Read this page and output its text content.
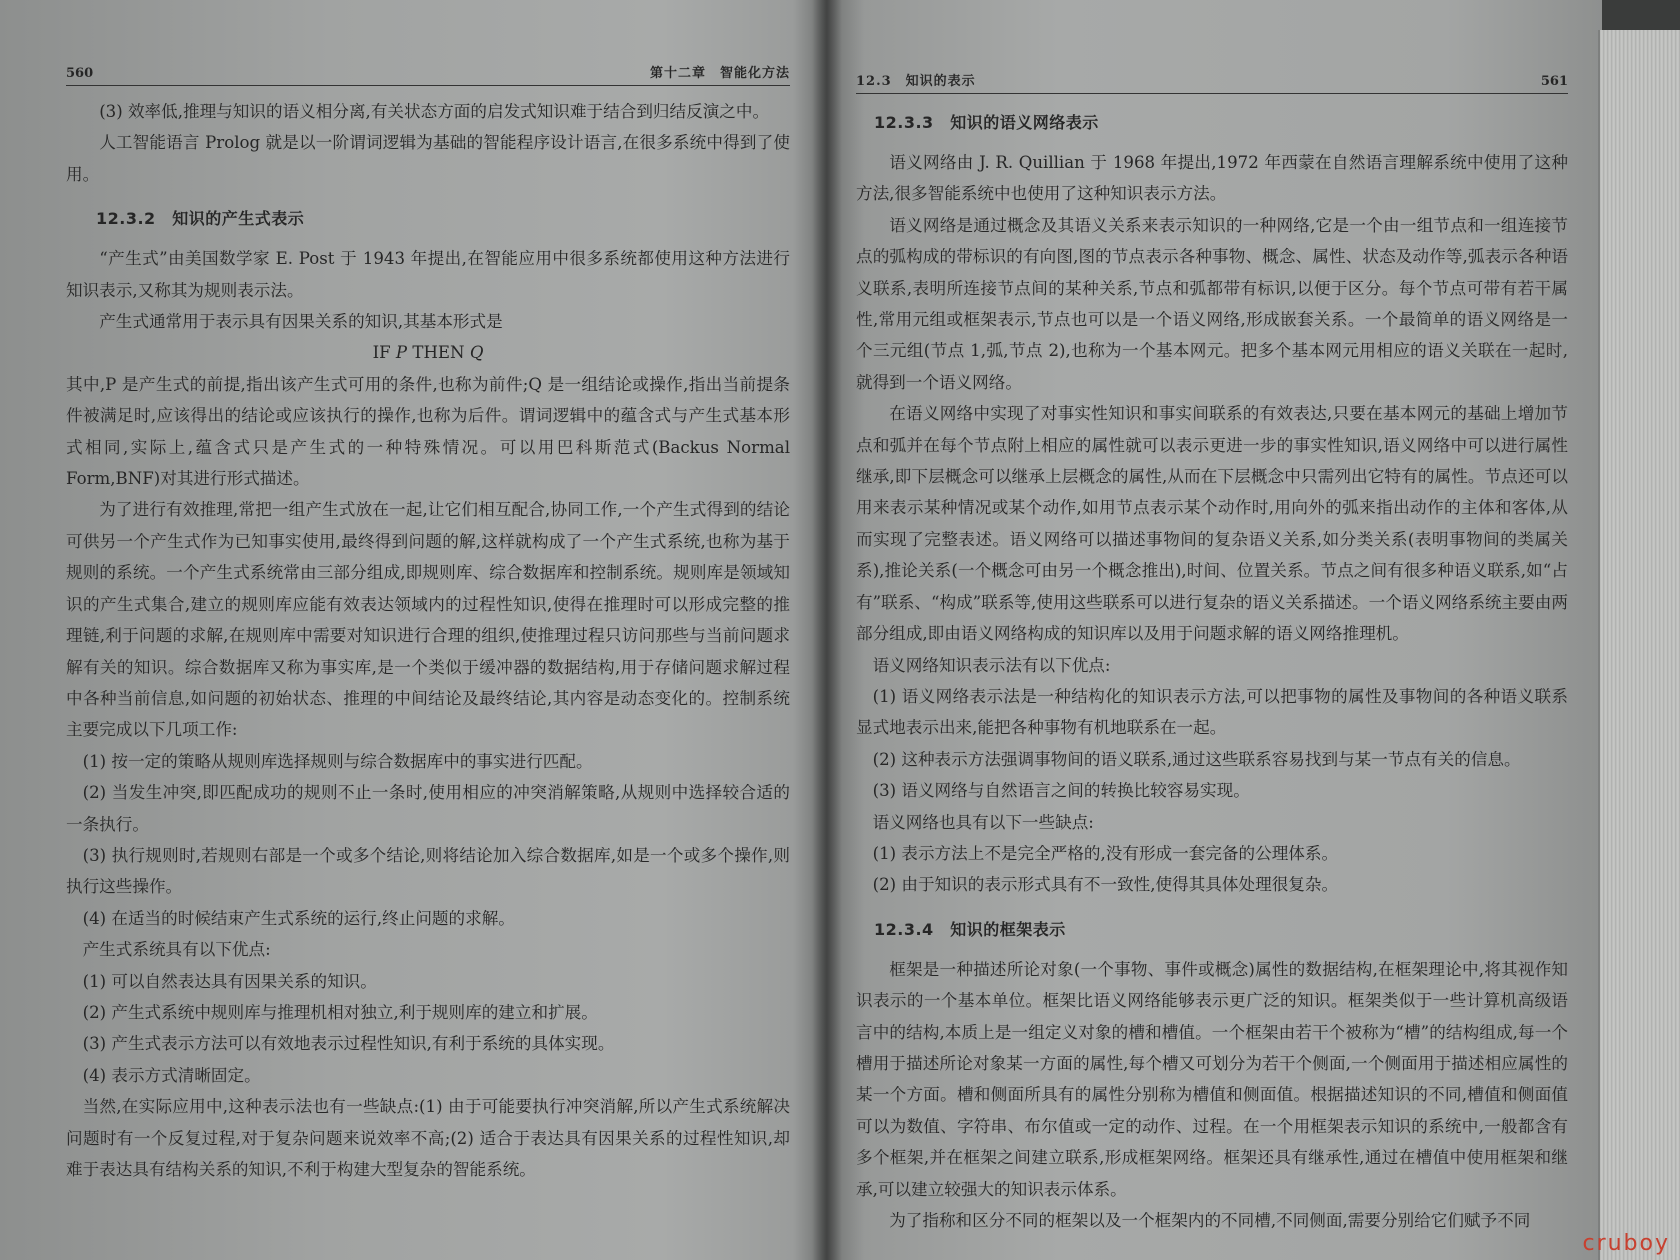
560	第十二章　智能化方法

(3) 效率低,推理与知识的语义相分离,有关状态方面的启发式知识难于结合到归结反演之中。

人工智能语言 Prolog 就是以一阶谓词逻辑为基础的智能程序设计语言,在很多系统中得到了使用。

12.3.2　知识的产生式表示

“产生式”由美国数学家 E. Post 于 1943 年提出,在智能应用中很多系统都使用这种方法进行知识表示,又称其为规则表示法。

产生式通常用于表示具有因果关系的知识,其基本形式是

IF P THEN Q

其中,P 是产生式的前提,指出该产生式可用的条件,也称为前件;Q 是一组结论或操作,指出当前提条件被满足时,应该得出的结论或应该执行的操作,也称为后件。谓词逻辑中的蕴含式与产生式基本形式相同,实际上,蕴含式只是产生式的一种特殊情况。可以用巴科斯范式(Backus Normal Form,BNF)对其进行形式描述。

为了进行有效推理,常把一组产生式放在一起,让它们相互配合,协同工作,一个产生式得到的结论可供另一个产生式作为已知事实使用,最终得到问题的解,这样就构成了一个产生式系统,也称为基于规则的系统。一个产生式系统常由三部分组成,即规则库、综合数据库和控制系统。规则库是领域知识的产生式集合,建立的规则库应能有效表达领域内的过程性知识,使得在推理时可以形成完整的推理链,利于问题的求解,在规则库中需要对知识进行合理的组织,使推理过程只访问那些与当前问题求解有关的知识。综合数据库又称为事实库,是一个类似于缓冲器的数据结构,用于存储问题求解过程中各种当前信息,如问题的初始状态、推理的中间结论及最终结论,其内容是动态变化的。控制系统主要完成以下几项工作:

(1) 按一定的策略从规则库选择规则与综合数据库中的事实进行匹配。

(2) 当发生冲突,即匹配成功的规则不止一条时,使用相应的冲突消解策略,从规则中选择较合适的一条执行。

(3) 执行规则时,若规则右部是一个或多个结论,则将结论加入综合数据库,如是一个或多个操作,则执行这些操作。

(4) 在适当的时候结束产生式系统的运行,终止问题的求解。

产生式系统具有以下优点:

(1) 可以自然表达具有因果关系的知识。

(2) 产生式系统中规则库与推理机相对独立,利于规则库的建立和扩展。

(3) 产生式表示方法可以有效地表示过程性知识,有利于系统的具体实现。

(4) 表示方式清晰固定。

当然,在实际应用中,这种表示法也有一些缺点:(1) 由于可能要执行冲突消解,所以产生式系统解决问题时有一个反复过程,对于复杂问题来说效率不高;(2) 适合于表达具有因果关系的过程性知识,却难于表达具有结构关系的知识,不利于构建大型复杂的智能系统。

12.3　知识的表示	561
12.3.3　知识的语义网络表示

语义网络由 J. R. Quillian 于 1968 年提出,1972 年西蒙在自然语言理解系统中使用了这种方法,很多智能系统中也使用了这种知识表示方法。

语义网络是通过概念及其语义关系来表示知识的一种网络,它是一个由一组节点和一组连接节点的弧构成的带标识的有向图,图的节点表示各种事物、概念、属性、状态及动作等,弧表示各种语义联系,表明所连接节点间的某种关系,节点和弧都带有标识,以便于区分。每个节点可带有若干属性,常用元组或框架表示,节点也可以是一个语义网络,形成嵌套关系。一个最简单的语义网络是一个三元组(节点 1,弧,节点 2),也称为一个基本网元。把多个基本网元用相应的语义关联在一起时,就得到一个语义网络。

在语义网络中实现了对事实性知识和事实间联系的有效表达,只要在基本网元的基础上增加节点和弧并在每个节点附上相应的属性就可以表示更进一步的事实性知识,语义网络中可以进行属性继承,即下层概念可以继承上层概念的属性,从而在下层概念中只需列出它特有的属性。节点还可以用来表示某种情况或某个动作,如用节点表示某个动作时,用向外的弧来指出动作的主体和客体,从而实现了完整表述。语义网络可以描述事物间的复杂语义关系,如分类关系(表明事物间的类属关系),推论关系(一个概念可由另一个概念推出),时间、位置关系。节点之间有很多种语义联系,如“占有”联系、“构成”联系等,使用这些联系可以进行复杂的语义关系描述。一个语义网络系统主要由两部分组成,即由语义网络构成的知识库以及用于问题求解的语义网络推理机。

语义网络知识表示法有以下优点:

(1) 语义网络表示法是一种结构化的知识表示方法,可以把事物的属性及事物间的各种语义联系显式地表示出来,能把各种事物有机地联系在一起。

(2) 这种表示方法强调事物间的语义联系,通过这些联系容易找到与某一节点有关的信息。

(3) 语义网络与自然语言之间的转换比较容易实现。

语义网络也具有以下一些缺点:

(1) 表示方法上不是完全严格的,没有形成一套完备的公理体系。

(2) 由于知识的表示形式具有不一致性,使得其具体处理很复杂。

12.3.4　知识的框架表示

框架是一种描述所论对象(一个事物、事件或概念)属性的数据结构,在框架理论中,将其视作知识表示的一个基本单位。框架比语义网络能够表示更广泛的知识。框架类似于一些计算机高级语言中的结构,本质上是一组定义对象的槽和槽值。一个框架由若干个被称为“槽”的结构组成,每一个槽用于描述所论对象某一方面的属性,每个槽又可划分为若干个侧面,一个侧面用于描述相应属性的某一个方面。槽和侧面所具有的属性分别称为槽值和侧面值。根据描述知识的不同,槽值和侧面值可以为数值、字符串、布尔值或一定的动作、过程。在一个用框架表示知识的系统中,一般都含有多个框架,并在框架之间建立联系,形成框架网络。框架还具有继承性,通过在槽值中使用框架和继承,可以建立较强大的知识表示体系。

为了指称和区分不同的框架以及一个框架内的不同槽,不同侧面,需要分别给它们赋予不同

cruboy
